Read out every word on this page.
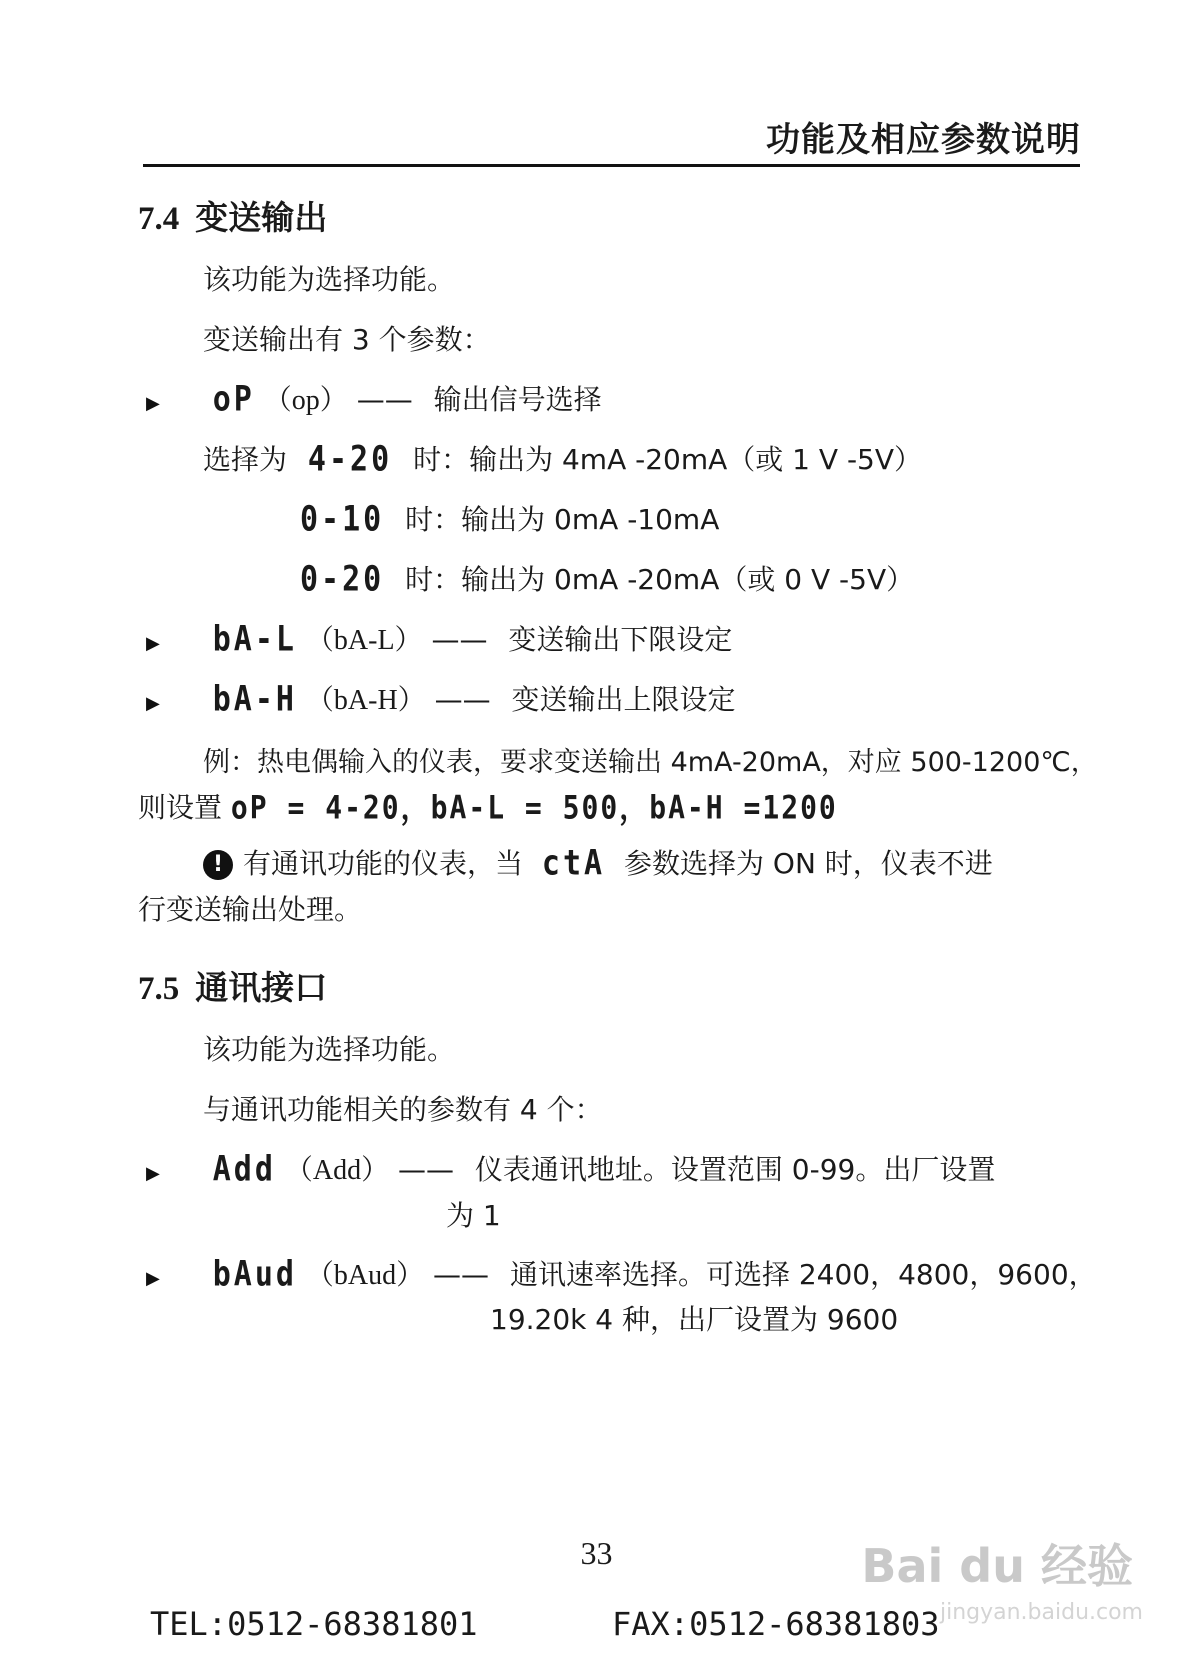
功能及相应参数说明
7.4 变送输出
该功能为选择功能。
变送输出有 3 个参数：
▶ oP （op） —— 输出信号选择
选择为 4-20 时：输出为 4mA -20mA（或 1 V -5V）
0-10 时：输出为 0mA -10mA
0-20 时：输出为 0mA -20mA（或 0 V -5V）
▶ bA-L （bA-L） —— 变送输出下限设定
▶ bA-H （bA-H） —— 变送输出上限设定
例：热电偶输入的仪表，要求变送输出 4mA-20mA，对应 500-1200℃，
则设置 oP = 4-20，bA-L = 500，bA-H =1200
! 有通讯功能的仪表，当 ctA 参数选择为 ON 时，仪表不进
行变送输出处理。
7.5 通讯接口
该功能为选择功能。
与通讯功能相关的参数有 4 个：
▶ Add （Add） —— 仪表通讯地址。设置范围 0-99。出厂设置
为 1
▶ bAud （bAud） —— 通讯速率选择。可选择 2400，4800，9600，
19.20k 4 种，出厂设置为 9600
33
TEL:0512-68381801	FAX:0512-68381803
Bai du 经验
jingyan.baidu.com
